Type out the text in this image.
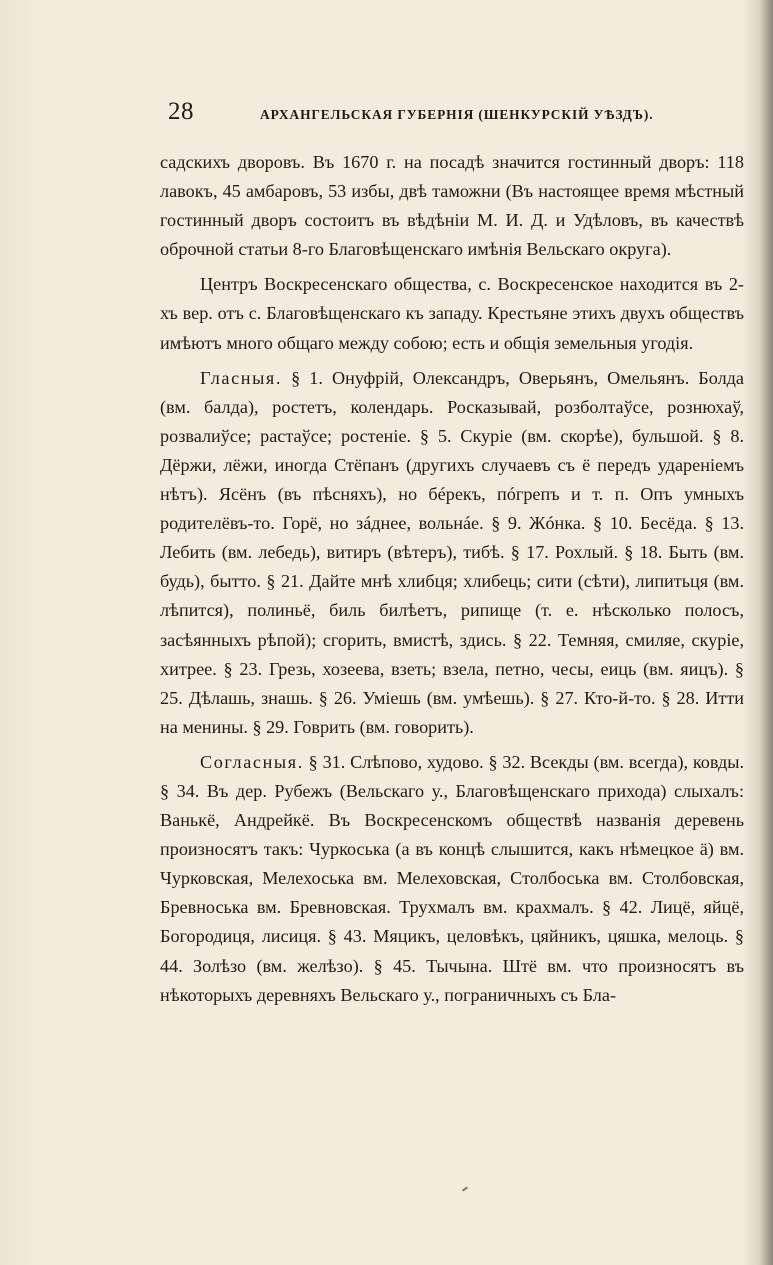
28	АРХАНГЕЛЬСКАЯ ГУБЕРНІЯ (ШЕНКУРСКІЙ УѢЗДЪ).

садскихъ дворовъ. Въ 1670 г. на посадѣ значится гостинный дворъ: 118 лавокъ, 45 амбаровъ, 53 избы, двѣ таможни (Въ настоящее время мѣстный гостинный дворъ состоитъ въ вѣдѣніи М. И. Д. и Удѣловъ, въ качествѣ оброчной статьи 8-го Благовѣщенскаго имѣнія Вельскаго округа).

Центръ Воскресенскаго общества, с. Воскресенское находится въ 2-хъ вер. отъ с. Благовѣщенскаго къ западу. Крестьяне этихъ двухъ обществъ имѣютъ много общаго между собою; есть и общія земельныя угодія.

Гласныя. § 1. Онуфрій, Олександръ, Оверьянъ, Омельянъ. Болда (вм. балда), ростетъ, колендарь. Росказывай, розболтаўсе, рознюхаў, розвалиўсе; растаўсе; ростеніе. § 5. Скуріе (вм. скорѣе), бульшой. § 8. Дёржи, лёжи, иногда Стёпанъ (другихъ случаевъ съ ё передъ удареніемъ нѣтъ). Ясёнъ (въ пѣсняхъ), но бéрекъ, пóгрепъ и т. п. Опъ умныхъ родителёвъ-то. Горё, но зáднее, вольнáе. § 9. Жóнка. § 10. Бесёда. § 13. Лебить (вм. лебедь), витиръ (вѣтеръ), тибѣ. § 17. Рохлый. § 18. Быть (вм. будь), бытто. § 21. Дайте мнѣ хлибця; хлибець; сити (сѣти), липитьця (вм. лѣпится), полиньё, биль билѣетъ, рипище (т. е. нѣсколько полосъ, засѣянныхъ рѣпой); сгорить, вмистѣ, здись. § 22. Темняя, смиляе, скуріе, хитрее. § 23. Грезь, хозеева, взеть; взела, петно, чесы, еиць (вм. яицъ). § 25. Дѣлашь, знашь. § 26. Уміешь (вм. умѣешь). § 27. Кто-й-то. § 28. Итти на менины. § 29. Говрить (вм. говорить).

Согласныя. § 31. Слѣпово, худово. § 32. Всекды (вм. всегда), ковды. § 34. Въ дер. Рубежъ (Вельскаго у., Благовѣщенскаго прихода) слыхалъ: Ванькё, Андрейкё. Въ Воскресенскомъ обществѣ названія деревень произносятъ такъ: Чуркоська (а въ концѣ слышится, какъ нѣмецкое ä) вм. Чурковская, Мелехоська вм. Мелеховская, Столбоська вм. Столбовская, Бревноська вм. Бревновская. Трухмалъ вм. крахмалъ. § 42. Лицё, яйцё, Богородиця, лисиця. § 43. Мяцикъ, целовѣкъ, цяйникъ, цяшка, мелоць. § 44. Золѣзо (вм. желѣзо). § 45. Тычына. Штё вм. что произносятъ въ нѣкоторыхъ деревняхъ Вельскаго у., пограничныхъ съ Бла-
